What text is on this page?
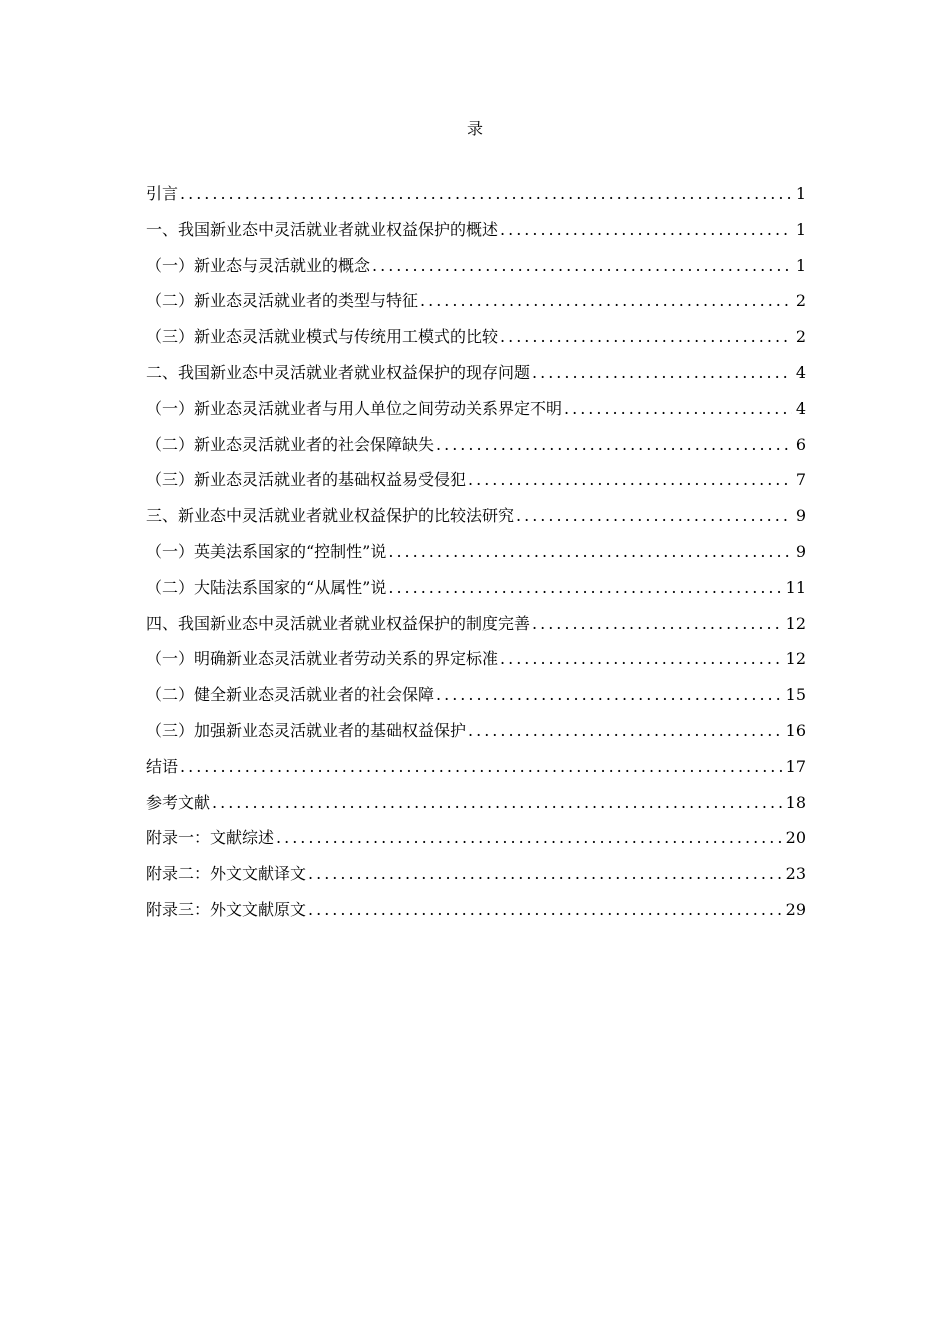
录
引言 .....	1
一、我国新业态中灵活就业者就业权益保护的概述 .....	1
（一）新业态与灵活就业的概念 .....	1
（二）新业态灵活就业者的类型与特征 .....	2
（三）新业态灵活就业模式与传统用工模式的比较 .....	2
二、我国新业态中灵活就业者就业权益保护的现存问题 .....	4
（一）新业态灵活就业者与用人单位之间劳动关系界定不明 .....	4
（二）新业态灵活就业者的社会保障缺失 .....	6
（三）新业态灵活就业者的基础权益易受侵犯 .....	7
三、新业态中灵活就业者就业权益保护的比较法研究 .....	9
（一）英美法系国家的“控制性”说 .....	9
（二）大陆法系国家的“从属性”说 .....	11
四、我国新业态中灵活就业者就业权益保护的制度完善 .....	12
（一）明确新业态灵活就业者劳动关系的界定标准 .....	12
（二）健全新业态灵活就业者的社会保障 .....	15
（三）加强新业态灵活就业者的基础权益保护 .....	16
结语 .....	17
参考文献 .....	18
附录一：文献综述 .....	20
附录二：外文文献译文 .....	23
附录三：外文文献原文 .....	29
